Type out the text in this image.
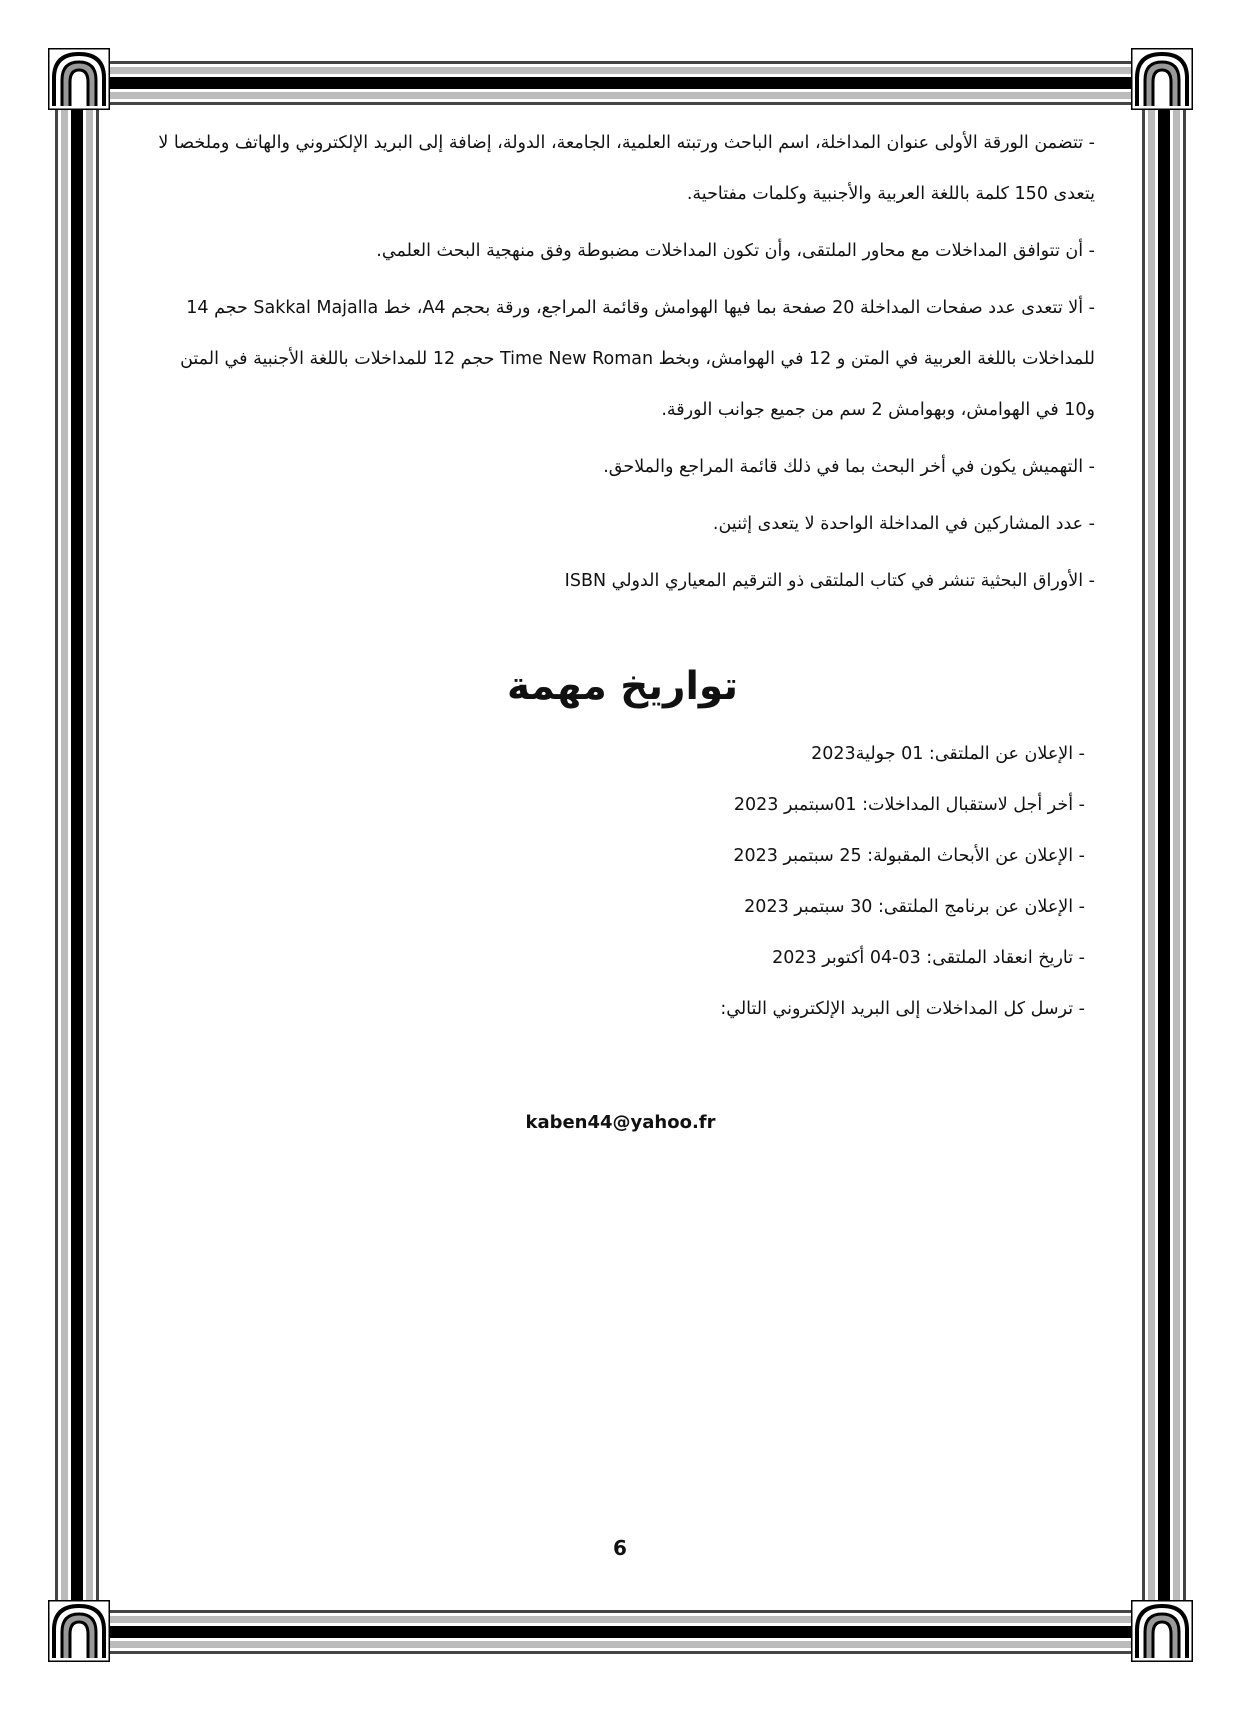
- تتضمن الورقة الأولى عنوان المداخلة، اسم الباحث ورتبته العلمية، الجامعة، الدولة، إضافة إلى البريد الإلكتروني والهاتف وملخصا لا يتعدى 150 كلمة باللغة العربية والأجنبية وكلمات مفتاحية.

- أن تتوافق المداخلات مع محاور الملتقى، وأن تكون المداخلات مضبوطة وفق منهجية البحث العلمي.

- ألا تتعدى عدد صفحات المداخلة 20 صفحة بما فيها الهوامش وقائمة المراجع، ورقة بحجم A4، خط Sakkal Majalla حجم 14 للمداخلات باللغة العربية في المتن و 12 في الهوامش، وبخط Time New Roman حجم 12 للمداخلات باللغة الأجنبية في المتن و10 في الهوامش، وبهوامش 2 سم من جميع جوانب الورقة.

- التهميش يكون في أخر البحث بما في ذلك قائمة المراجع والملاحق.

- عدد المشاركين في المداخلة الواحدة لا يتعدى إثنين.

- الأوراق البحثية تنشر في كتاب الملتقى ذو الترقيم المعياري الدولي ISBN

تواريخ مهمة

- الإعلان عن الملتقى: 01 جولية2023

- أخر أجل لاستقبال المداخلات: 01سبتمبر 2023

- الإعلان عن الأبحاث المقبولة: 25 سبتمبر 2023

- الإعلان عن برنامج الملتقى: 30 سبتمبر 2023

- تاريخ انعقاد الملتقى: 03-04 أكتوبر 2023

- ترسل كل المداخلات إلى البريد الإلكتروني التالي:

kaben44@yahoo.fr
6
